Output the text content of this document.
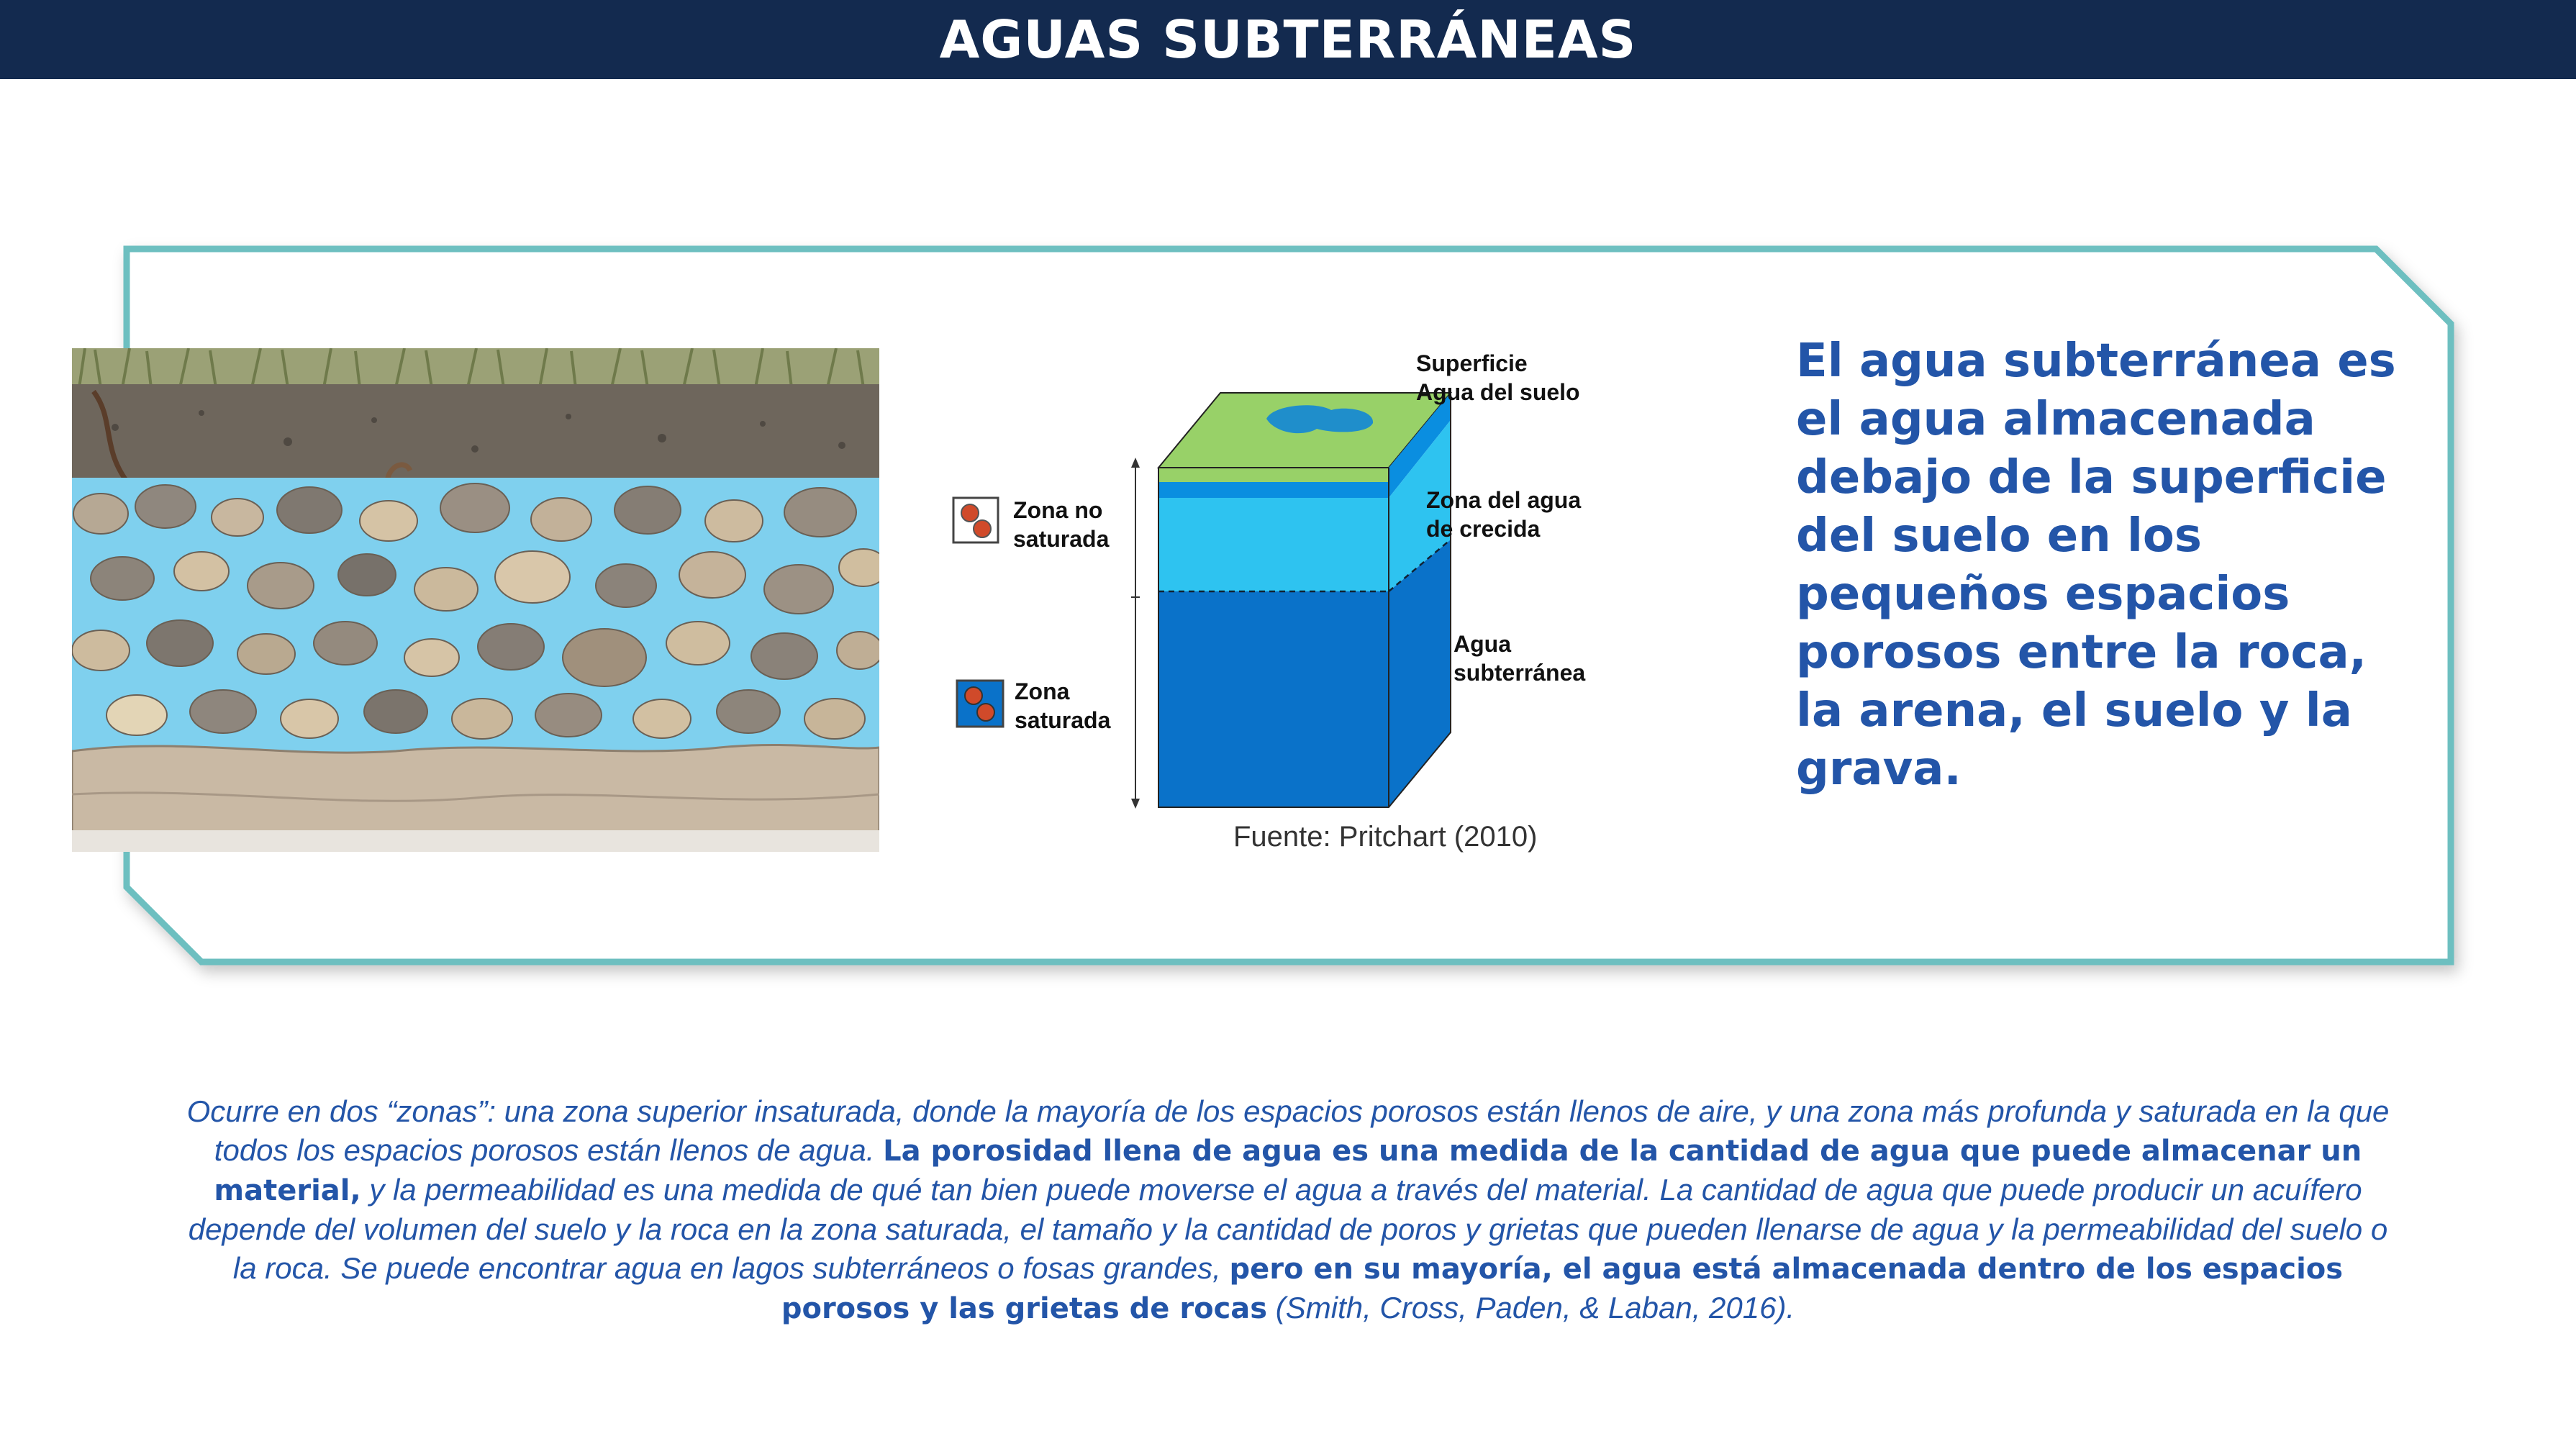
AGUAS SUBTERRÁNEAS
Superficie
Agua del suelo
Zona del agua
de crecida
Agua
subterránea
Zona no
saturada
Zona
saturada
Fuente: Pritchart (2010)

El agua subterránea es el agua almacenada debajo de la superficie del suelo en los pequeños espacios porosos entre la roca, la arena, el suelo y la grava.

Ocurre en dos “zonas”: una zona superior insaturada, donde la mayoría de los espacios porosos están llenos de aire, y una zona más profunda y saturada en la que todos los espacios porosos están llenos de agua. La porosidad llena de agua es una medida de la cantidad de agua que puede almacenar un material, y la permeabilidad es una medida de qué tan bien puede moverse el agua a través del material. La cantidad de agua que puede producir un acuífero depende del volumen del suelo y la roca en la zona saturada, el tamaño y la cantidad de poros y grietas que pueden llenarse de agua y la permeabilidad del suelo o la roca. Se puede encontrar agua en lagos subterráneos o fosas grandes, pero en su mayoría, el agua está almacenada dentro de los espacios porosos y las grietas de rocas (Smith, Cross, Paden, & Laban, 2016).
